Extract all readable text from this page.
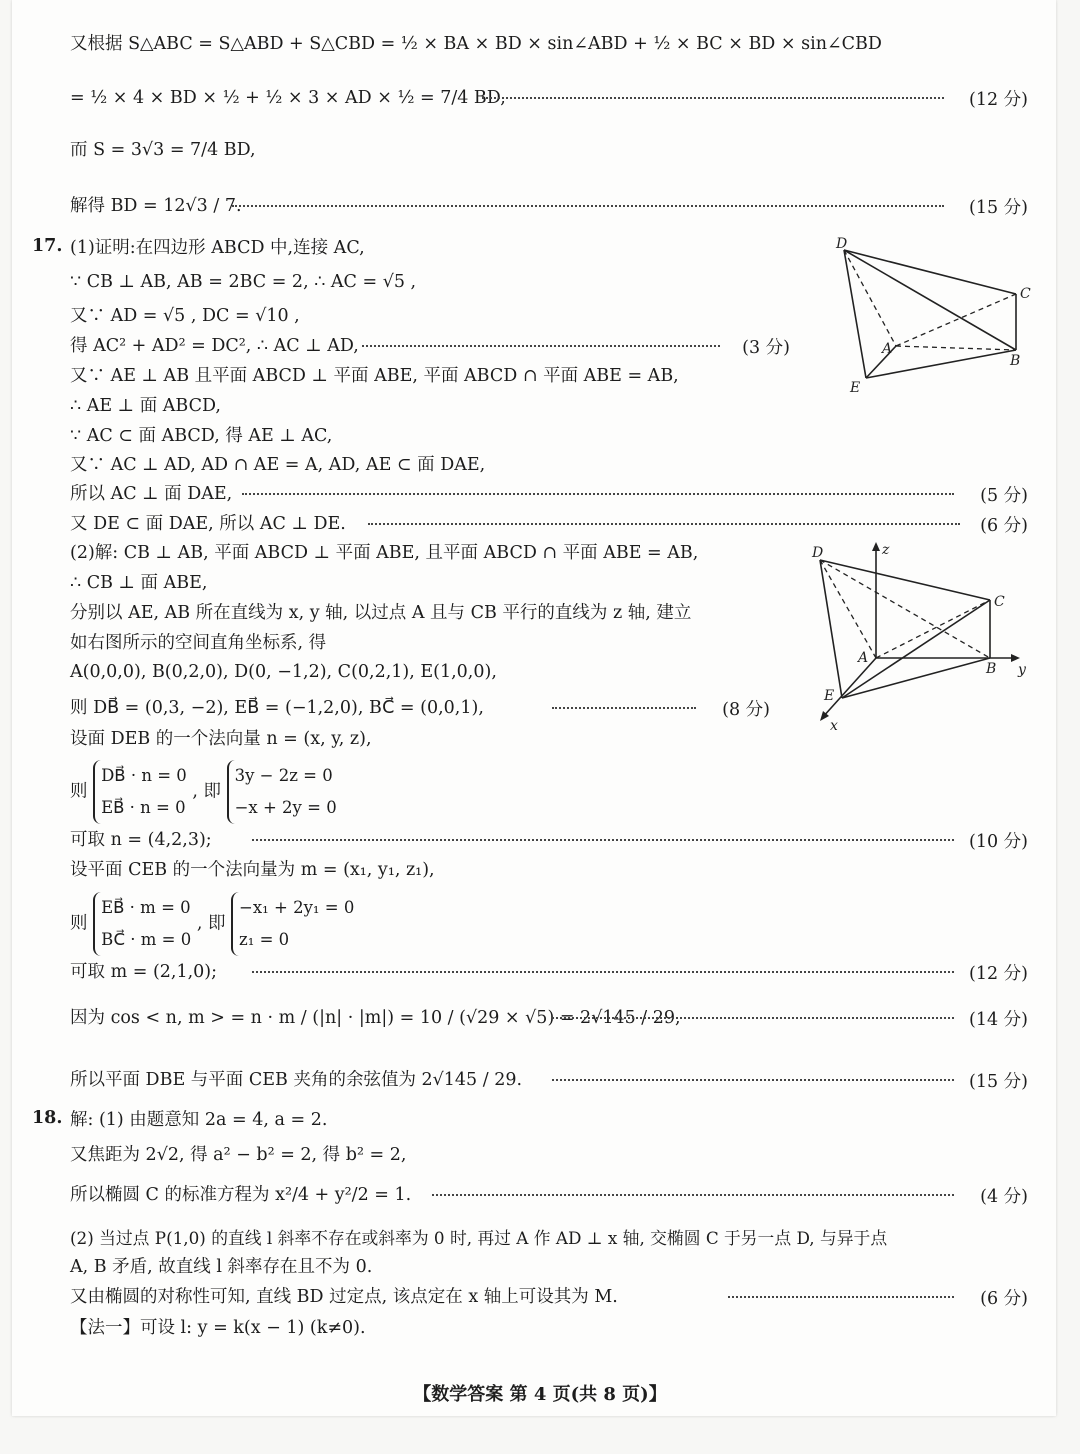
又根据 S△ABC = S△ABD + S△CBD = ½ × BA × BD × sin∠ABD + ½ × BC × BD × sin∠CBD
= ½ × 4 × BD × ½ + ½ × 3 × AD × ½ = 7/4 BD,	(12 分)
而 S = 3√3 = 7/4 BD,
解得 BD = 12√3 / 7.	(15 分)
17. (1)证明:在四边形 ABCD 中,连接 AC,
∵ CB ⊥ AB, AB = 2BC = 2, ∴ AC = √5 ,
又∵ AD = √5 , DC = √10 ,
得 AC² + AD² = DC², ∴ AC ⊥ AD,	(3 分)
又∵ AE ⊥ AB 且平面 ABCD ⊥ 平面 ABE, 平面 ABCD ∩ 平面 ABE = AB,
∴ AE ⊥ 面 ABCD,
∵ AC ⊂ 面 ABCD, 得 AE ⊥ AC,
又∵ AC ⊥ AD, AD ∩ AE = A, AD, AE ⊂ 面 DAE,
所以 AC ⊥ 面 DAE,	(5 分)
又 DE ⊂ 面 DAE, 所以 AC ⊥ DE.	(6 分)
D
C
A
B
E
(2)解: CB ⊥ AB, 平面 ABCD ⊥ 平面 ABE, 且平面 ABCD ∩ 平面 ABE = AB,
∴ CB ⊥ 面 ABE,
分别以 AE, AB 所在直线为 x, y 轴, 以过点 A 且与 CB 平行的直线为 z 轴, 建立
如右图所示的空间直角坐标系, 得
A(0,0,0), B(0,2,0), D(0, −1,2), C(0,2,1), E(1,0,0),
则 DB⃗ = (0,3, −2), EB⃗ = (−1,2,0), BC⃗ = (0,0,1),	(8 分)
设面 DEB 的一个法向量 n = (x, y, z),
则
DB⃗ · n = 0
EB⃗ · n = 0
, 即
3y − 2z = 0
−x + 2y = 0
可取 n = (4,2,3);	(10 分)
设平面 CEB 的一个法向量为 m = (x₁, y₁, z₁),
则
EB⃗ · m = 0
BC⃗ · m = 0
, 即
−x₁ + 2y₁ = 0
z₁ = 0
可取 m = (2,1,0);	(12 分)
因为 cos < n, m > = n · m / (|n| · |m|) = 10 / (√29 × √5) = 2√145 / 29,	(14 分)
所以平面 DBE 与平面 CEB 夹角的余弦值为 2√145 / 29.	(15 分)
D	z
C
A
B y
E
x
18. 解: (1) 由题意知 2a = 4, a = 2.
又焦距为 2√2, 得 a² − b² = 2, 得 b² = 2,
所以椭圆 C 的标准方程为 x²/4 + y²/2 = 1.	(4 分)
(2) 当过点 P(1,0) 的直线 l 斜率不存在或斜率为 0 时, 再过 A 作 AD ⊥ x 轴, 交椭圆 C 于另一点 D, 与异于点
A, B 矛盾, 故直线 l 斜率存在且不为 0.
又由椭圆的对称性可知, 直线 BD 过定点, 该点定在 x 轴上可设其为 M.	(6 分)
【法一】可设 l: y = k(x − 1) (k≠0).
【数学答案 第 4 页(共 8 页)】
